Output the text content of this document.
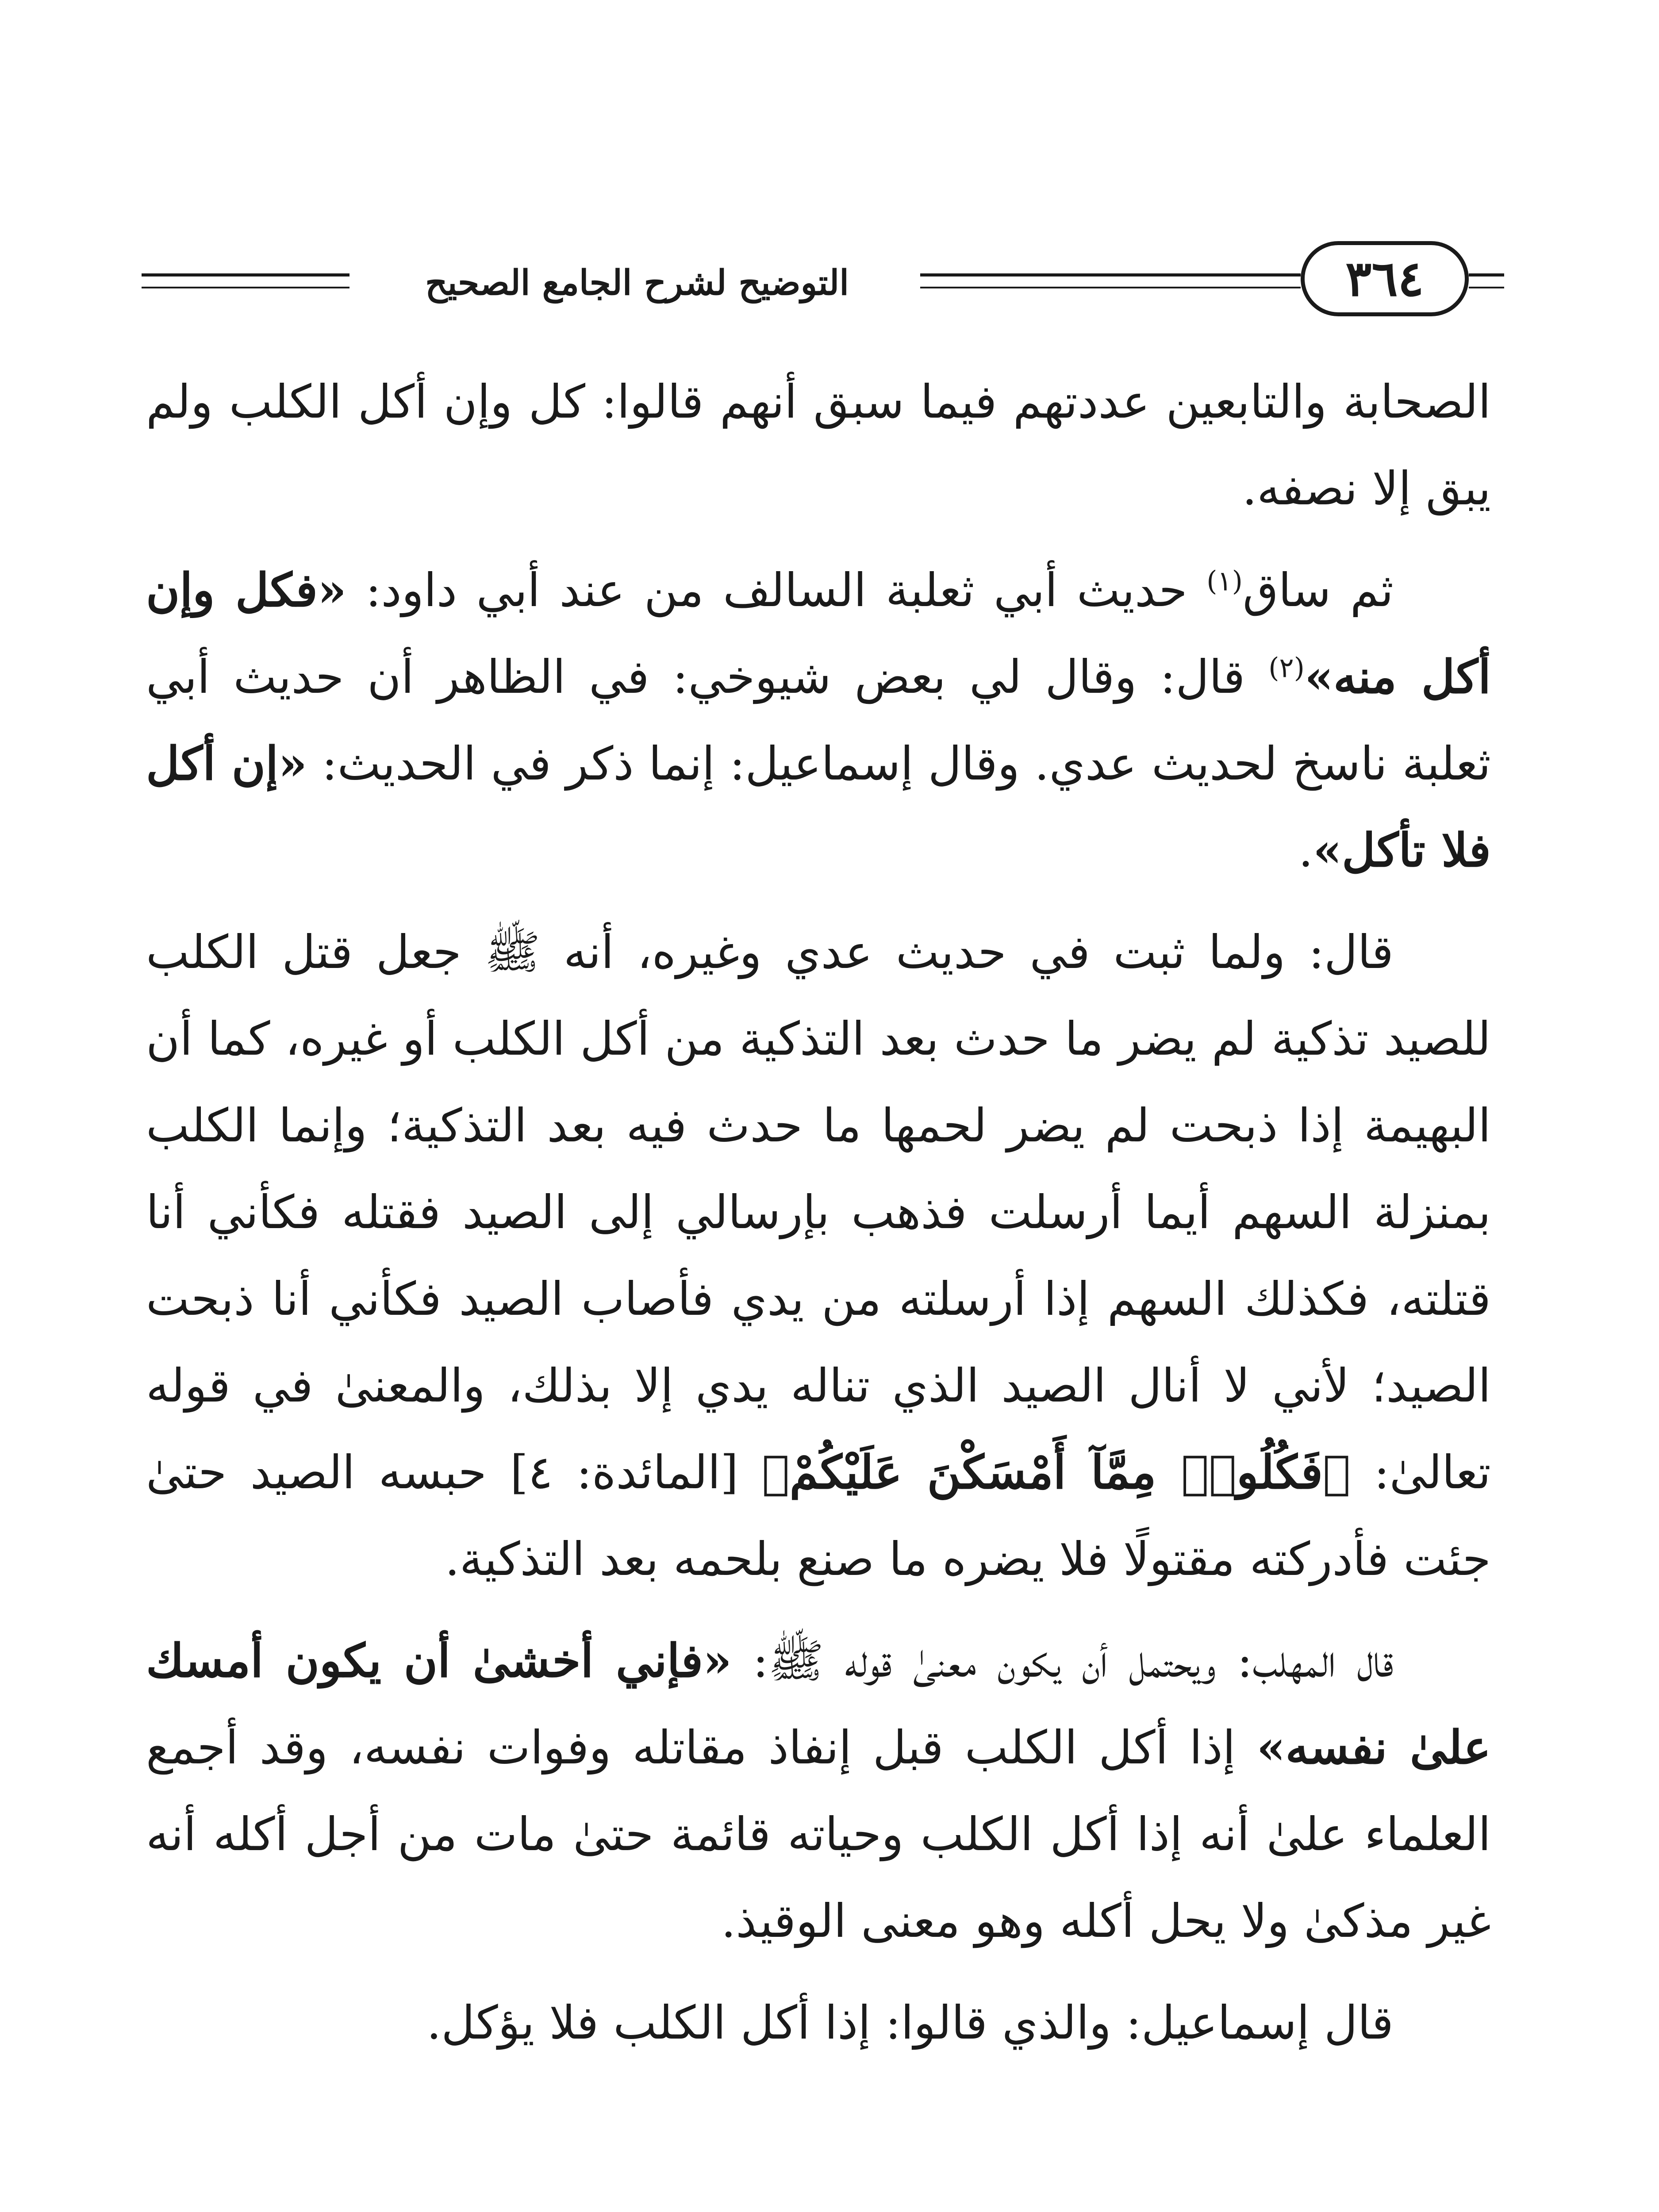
التوضيح لشرح الجامع الصحيح	٣٦٤

الصحابة والتابعين عددتهم فيما سبق أنهم قالوا: كل وإن أكل الكلب ولم يبق إلا نصفه.

ثم ساق$^{(١)}$ حديث أبي ثعلبة السالف من عند أبي داود: «فكل وإن أكل منه»$^{(٢)}$ قال: وقال لي بعض شيوخي: في الظاهر أن حديث أبي ثعلبة ناسخ لحديث عدي. وقال إسماعيل: إنما ذكر في الحديث: «إن أكل فلا تأكل».

قال: ولما ثبت في حديث عدي وغيره، أنه ﷺ جعل قتل الكلب للصيد تذكية لم يضر ما حدث بعد التذكية من أكل الكلب أو غيره، كما أن البهيمة إذا ذبحت لم يضر لحمها ما حدث فيه بعد التذكية؛ وإنما الكلب بمنزلة السهم أيما أرسلت فذهب بإرسالي إلى الصيد فقتله فكأني أنا قتلته، فكذلك السهم إذا أرسلته من يدي فأصاب الصيد فكأني أنا ذبحت الصيد؛ لأني لا أنال الصيد الذي تناله يدي إلا بذلك، والمعنىٰ في قوله تعالىٰ: ﴿فَكُلُوا۟ مِمَّآ أَمْسَكْنَ عَلَيْكُمْ﴾ [المائدة: ٤] حبسه الصيد حتىٰ جئت فأدركته مقتولًا فلا يضره ما صنع بلحمه بعد التذكية.

قال المهلب: ويحتمل أن يكون معنىٰ قوله ﷺ: «فإني أخشىٰ أن يكون أمسك علىٰ نفسه» إذا أكل الكلب قبل إنفاذ مقاتله وفوات نفسه، وقد أجمع العلماء علىٰ أنه إذا أكل الكلب وحياته قائمة حتىٰ مات من أجل أكله أنه غير مذكىٰ ولا يحل أكله وهو معنى الوقيذ.

قال إسماعيل: والذي قالوا: إذا أكل الكلب فلا يؤكل.
